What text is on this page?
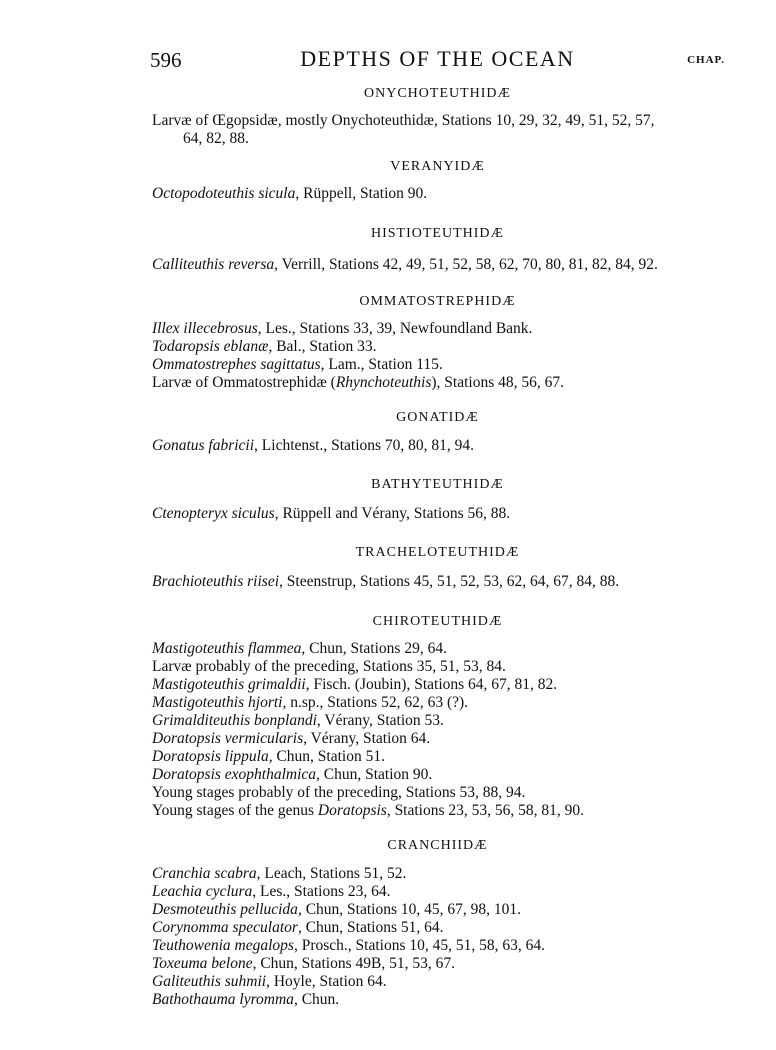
596	DEPTHS OF THE OCEAN	CHAP.
ONYCHOTEUTHIDÆ
Larvæ of Œgopsidæ, mostly Onychoteuthidæ, Stations 10, 29, 32, 49, 51, 52, 57,
64, 82, 88.
VERANYIDÆ
Octopodoteuthis sicula, Rüppell, Station 90.
HISTIOTEUTHIDÆ
Calliteuthis reversa, Verrill, Stations 42, 49, 51, 52, 58, 62, 70, 80, 81, 82, 84, 92.
OMMATOSTREPHIDÆ
Illex illecebrosus, Les., Stations 33, 39, Newfoundland Bank.
Todaropsis eblanæ, Bal., Station 33.
Ommatostrephes sagittatus, Lam., Station 115.
Larvæ of Ommatostrephidæ (Rhynchoteuthis), Stations 48, 56, 67.
GONATIDÆ
Gonatus fabricii, Lichtenst., Stations 70, 80, 81, 94.
BATHYTEUTHIDÆ
Ctenopteryx siculus, Rüppell and Vérany, Stations 56, 88.
TRACHELOTEUTHIDÆ
Brachioteuthis riisei, Steenstrup, Stations 45, 51, 52, 53, 62, 64, 67, 84, 88.
CHIROTEUTHIDÆ
Mastigoteuthis flammea, Chun, Stations 29, 64.
Larvæ probably of the preceding, Stations 35, 51, 53, 84.
Mastigoteuthis grimaldii, Fisch. (Joubin), Stations 64, 67, 81, 82.
Mastigoteuthis hjorti, n.sp., Stations 52, 62, 63 (?).
Grimalditeuthis bonplandi, Vérany, Station 53.
Doratopsis vermicularis, Vérany, Station 64.
Doratopsis lippula, Chun, Station 51.
Doratopsis exophthalmica, Chun, Station 90.
Young stages probably of the preceding, Stations 53, 88, 94.
Young stages of the genus Doratopsis, Stations 23, 53, 56, 58, 81, 90.
CRANCHIIDÆ
Cranchia scabra, Leach, Stations 51, 52.
Leachia cyclura, Les., Stations 23, 64.
Desmoteuthis pellucida, Chun, Stations 10, 45, 67, 98, 101.
Corynomma speculator, Chun, Stations 51, 64.
Teuthowenia megalops, Prosch., Stations 10, 45, 51, 58, 63, 64.
Toxeuma belone, Chun, Stations 49B, 51, 53, 67.
Galiteuthis suhmii, Hoyle, Station 64.
Bathothauma lyromma, Chun.
